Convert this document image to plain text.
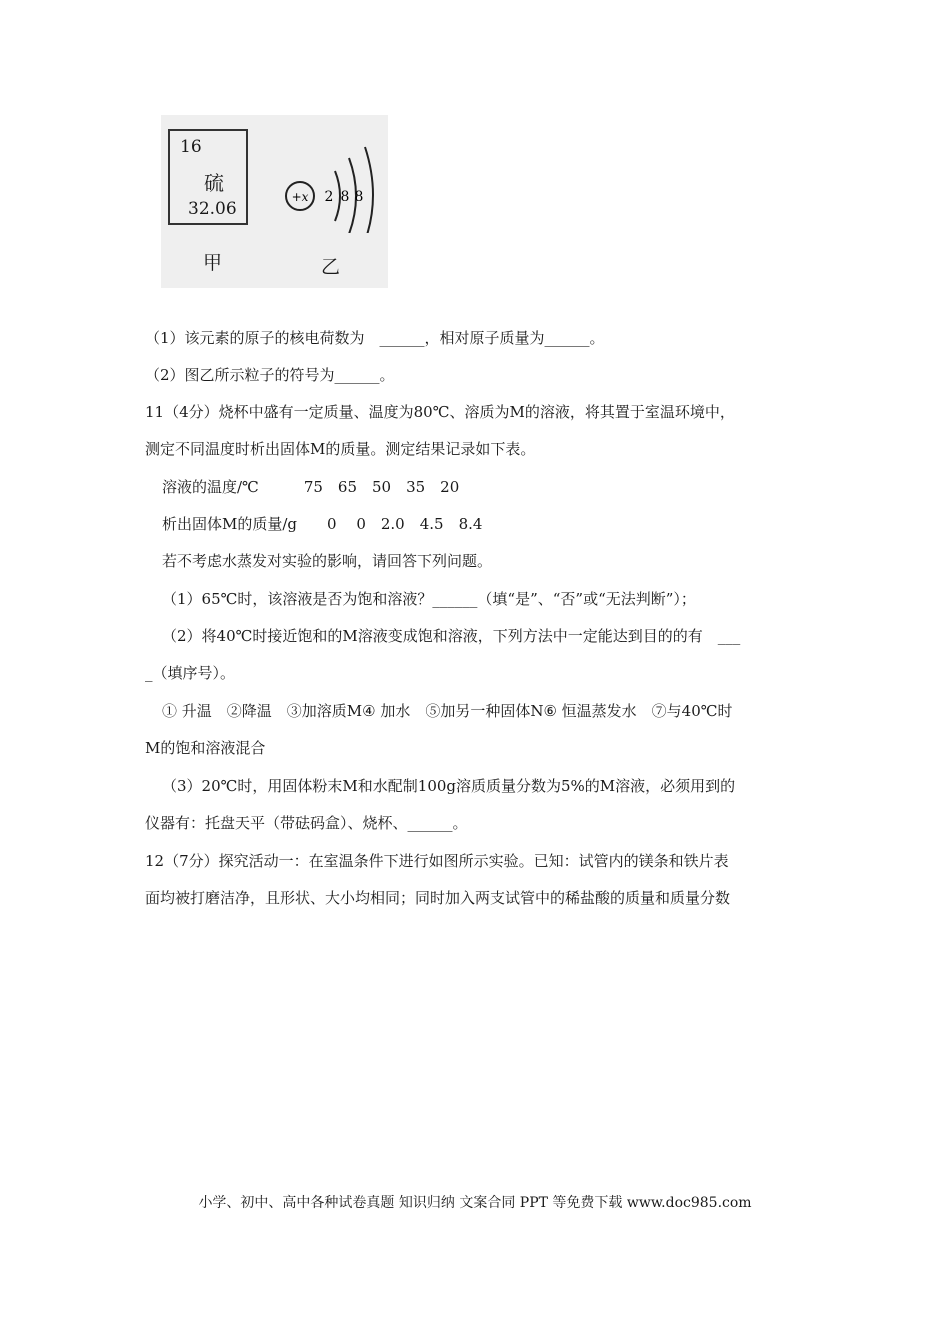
16
硫
32.06
甲
+x 2 8 8
乙
（1）该元素的原子的核电荷数为　______，相对原子质量为______。
（2）图乙所示粒子的符号为______。
11（4分）烧杯中盛有一定质量、温度为80℃、溶质为M的溶液，将其置于室温环境中，
测定不同温度时析出固体M的质量。测定结果记录如下表。
溶液的温度/℃　　　75　65　50　35　20
析出固体M的质量/g　　0　 0　2.0　4.5　8.4
若不考虑水蒸发对实验的影响，请回答下列问题。
（1）65℃时，该溶液是否为饱和溶液？______（填“是”、“否”或“无法判断”）；
（2）将40℃时接近饱和的M溶液变成饱和溶液，下列方法中一定能达到目的的有　___
_（填序号）。
① 升温　②降温　③加溶质M④ 加水　⑤加另一种固体N⑥ 恒温蒸发水　⑦与40℃时
M的饱和溶液混合
（3）20℃时，用固体粉末M和水配制100g溶质质量分数为5%的M溶液，必须用到的
仪器有：托盘天平（带砝码盒）、烧杯、______。
12（7分）探究活动一：在室温条件下进行如图所示实验。已知：试管内的镁条和铁片表
面均被打磨洁净，且形状、大小均相同；同时加入两支试管中的稀盐酸的质量和质量分数
小学、初中、高中各种试卷真题 知识归纳 文案合同 PPT 等免费下载 www.doc985.com
